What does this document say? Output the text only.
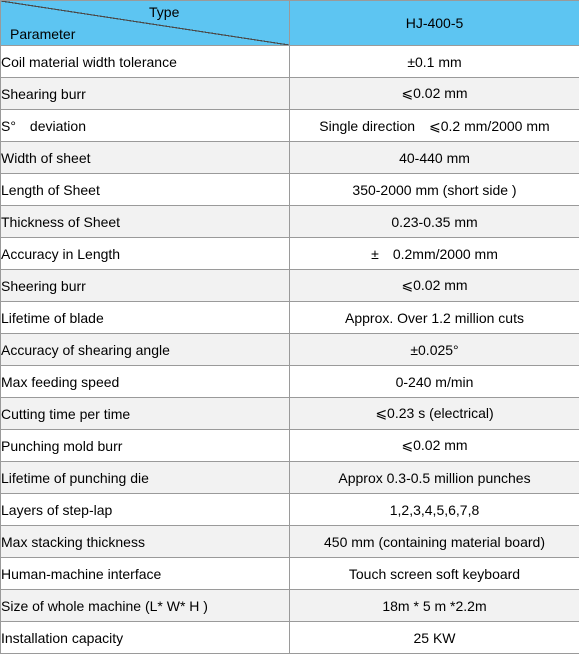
Type
Parameter	HJ-400-5
Coil material width tolerance	±0.1 mm
Shearing burr	⩽0.02 mm
S°　deviation	Single direction　⩽0.2 mm/2000 mm
Width of sheet	40-440 mm
Length of Sheet	350-2000 mm (short side )
Thickness of Sheet	0.23-0.35 mm
Accuracy in Length	±　0.2mm/2000 mm
Sheering burr	⩽0.02 mm
Lifetime of blade	Approx. Over 1.2 million cuts
Accuracy of shearing angle	±0.025°
Max feeding speed	0-240 m/min
Cutting time per time	⩽0.23 s (electrical)
Punching mold burr	⩽0.02 mm
Lifetime of punching die	Approx 0.3-0.5 million punches
Layers of step-lap	1,2,3,4,5,6,7,8
Max stacking thickness	450 mm (containing material board)
Human-machine interface	Touch screen soft keyboard
Size of whole machine (L* W* H )	18m * 5 m *2.2m
Installation capacity	25 KW
